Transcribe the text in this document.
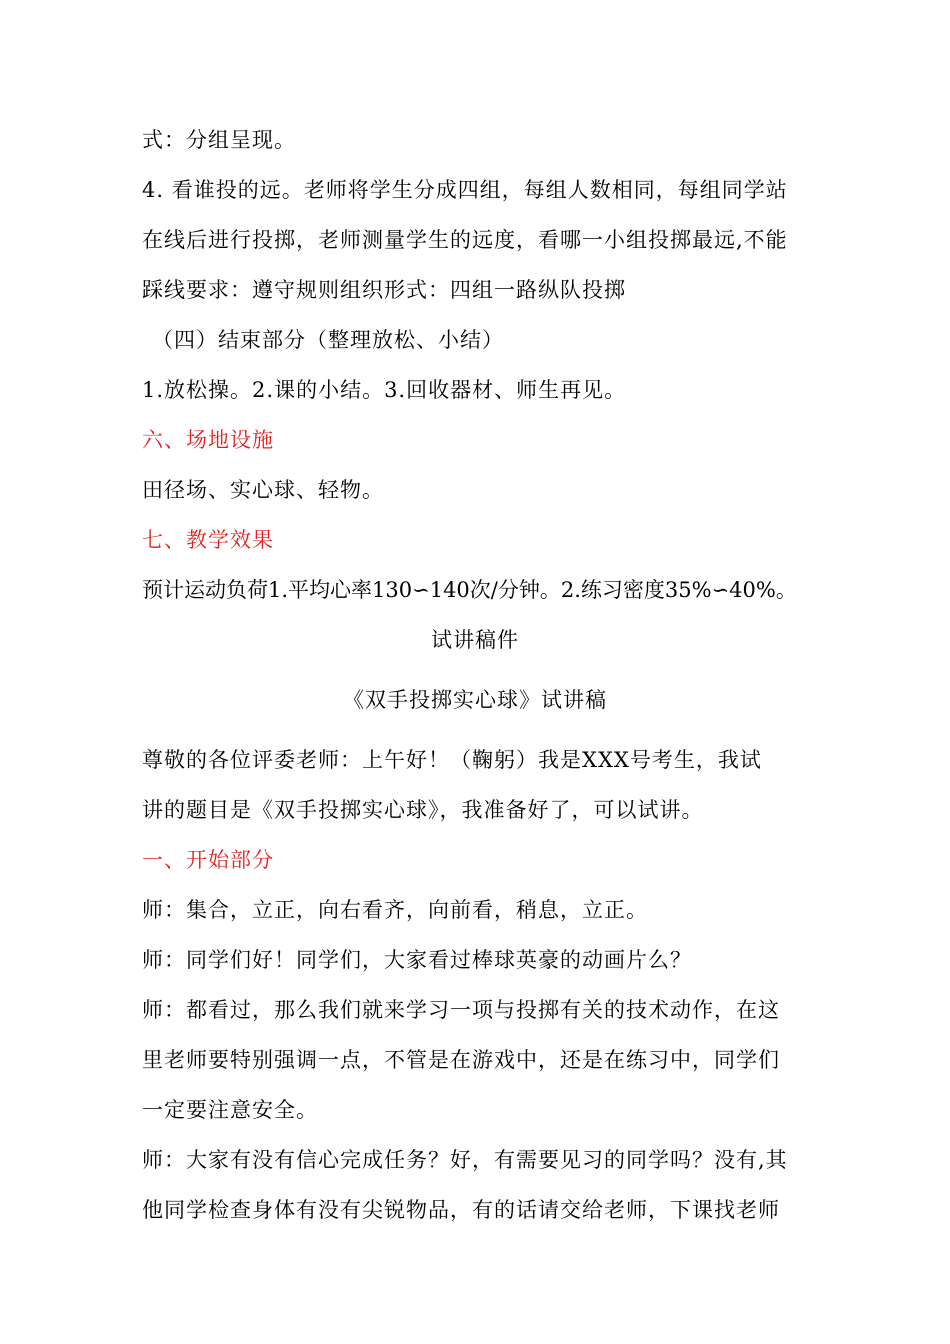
式：分组呈现。
4. 看谁投的远。老师将学生分成四组，每组人数相同，每组同学站
在线后进行投掷，老师测量学生的远度，看哪一小组投掷最远,不能
踩线要求：遵守规则组织形式：四组一路纵队投掷
（四）结束部分（整理放松、小结）
1.放松操。2.课的小结。3.回收器材、师生再见。
六、场地设施
田径场、实心球、轻物。
七、教学效果
预计运动负荷1.平均心率130∽140次/分钟。2.练习密度35%∽40%。
试讲稿件
《双手投掷实心球》试讲稿
尊敬的各位评委老师：上午好！（鞠躬）我是XXX号考生，我试
讲的题目是《双手投掷实心球》，我准备好了，可以试讲。
一、开始部分
师：集合，立正，向右看齐，向前看，稍息，立正。
师：同学们好！同学们，大家看过棒球英豪的动画片么？
师：都看过，那么我们就来学习一项与投掷有关的技术动作，在这
里老师要特别强调一点，不管是在游戏中，还是在练习中，同学们
一定要注意安全。
师：大家有没有信心完成任务？好，有需要见习的同学吗？没有,其
他同学检查身体有没有尖锐物品，有的话请交给老师，下课找老师
